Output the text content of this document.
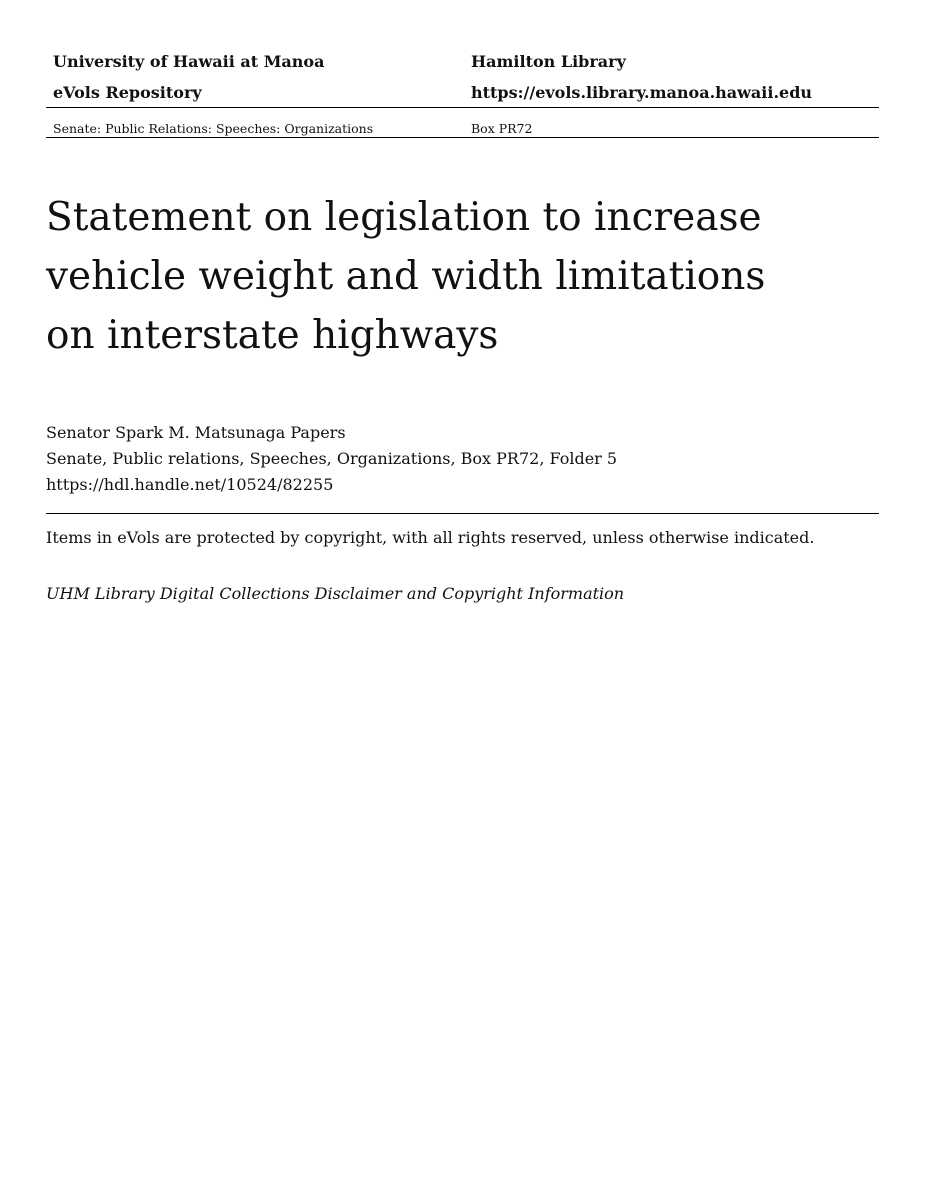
University of Hawaii at Manoa	Hamilton Library
eVols Repository	https://evols.library.manoa.hawaii.edu
Senate: Public Relations: Speeches: Organizations	Box PR72
Statement on legislation to increase
vehicle weight and width limitations
on interstate highways
Senator Spark M. Matsunaga Papers
Senate, Public relations, Speeches, Organizations, Box PR72, Folder 5
https://hdl.handle.net/10524/82255
Items in eVols are protected by copyright, with all rights reserved, unless otherwise indicated.
UHM Library Digital Collections Disclaimer and Copyright Information
